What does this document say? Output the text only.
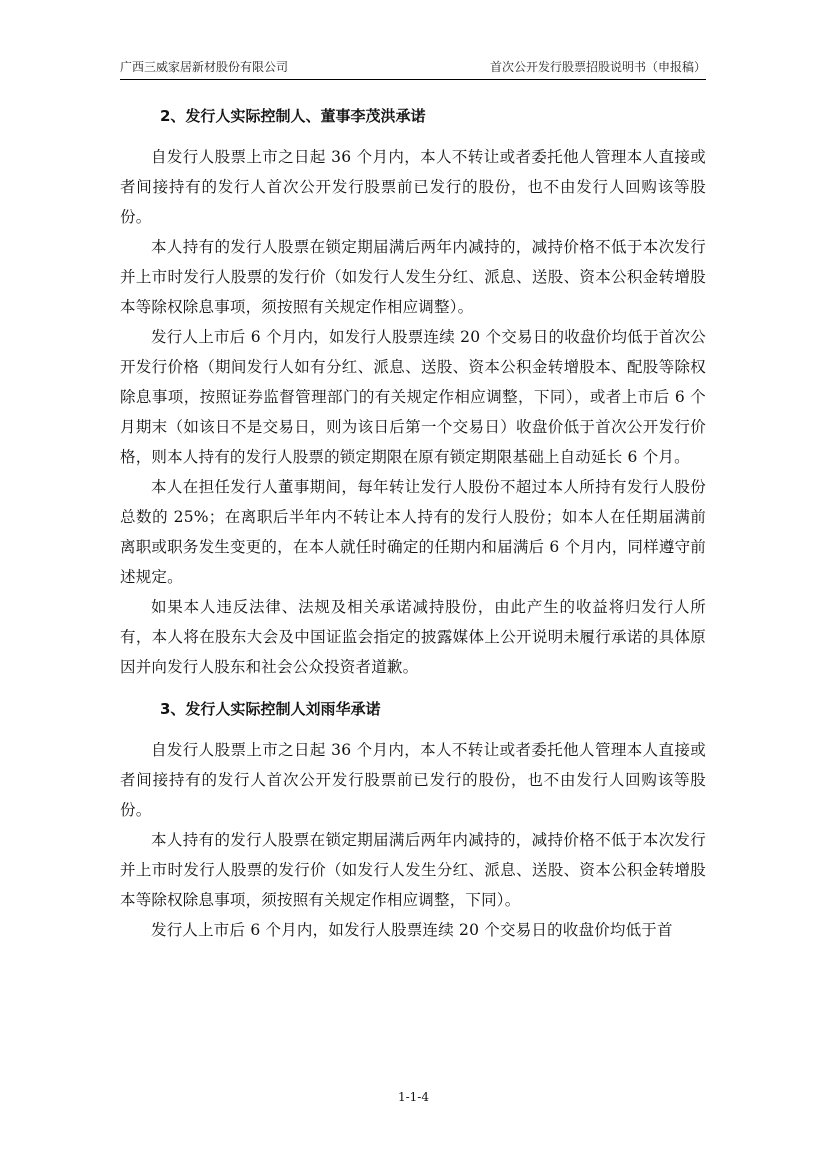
广西三威家居新材股份有限公司	首次公开发行股票招股说明书（申报稿）
2、发行人实际控制人、董事李茂洪承诺

自发行人股票上市之日起 36 个月内，本人不转让或者委托他人管理本人直接或者间接持有的发行人首次公开发行股票前已发行的股份，也不由发行人回购该等股份。

本人持有的发行人股票在锁定期届满后两年内减持的，减持价格不低于本次发行并上市时发行人股票的发行价（如发行人发生分红、派息、送股、资本公积金转增股本等除权除息事项，须按照有关规定作相应调整）。

发行人上市后 6 个月内，如发行人股票连续 20 个交易日的收盘价均低于首次公开发行价格（期间发行人如有分红、派息、送股、资本公积金转增股本、配股等除权除息事项，按照证券监督管理部门的有关规定作相应调整，下同），或者上市后 6 个月期末（如该日不是交易日，则为该日后第一个交易日）收盘价低于首次公开发行价格，则本人持有的发行人股票的锁定期限在原有锁定期限基础上自动延长 6 个月。

本人在担任发行人董事期间，每年转让发行人股份不超过本人所持有发行人股份总数的 25%；在离职后半年内不转让本人持有的发行人股份；如本人在任期届满前离职或职务发生变更的，在本人就任时确定的任期内和届满后 6 个月内，同样遵守前述规定。

如果本人违反法律、法规及相关承诺减持股份，由此产生的收益将归发行人所有，本人将在股东大会及中国证监会指定的披露媒体上公开说明未履行承诺的具体原因并向发行人股东和社会公众投资者道歉。

3、发行人实际控制人刘雨华承诺

自发行人股票上市之日起 36 个月内，本人不转让或者委托他人管理本人直接或者间接持有的发行人首次公开发行股票前已发行的股份，也不由发行人回购该等股份。

本人持有的发行人股票在锁定期届满后两年内减持的，减持价格不低于本次发行并上市时发行人股票的发行价（如发行人发生分红、派息、送股、资本公积金转增股本等除权除息事项，须按照有关规定作相应调整，下同）。

发行人上市后 6 个月内，如发行人股票连续 20 个交易日的收盘价均低于首

1-1-4
